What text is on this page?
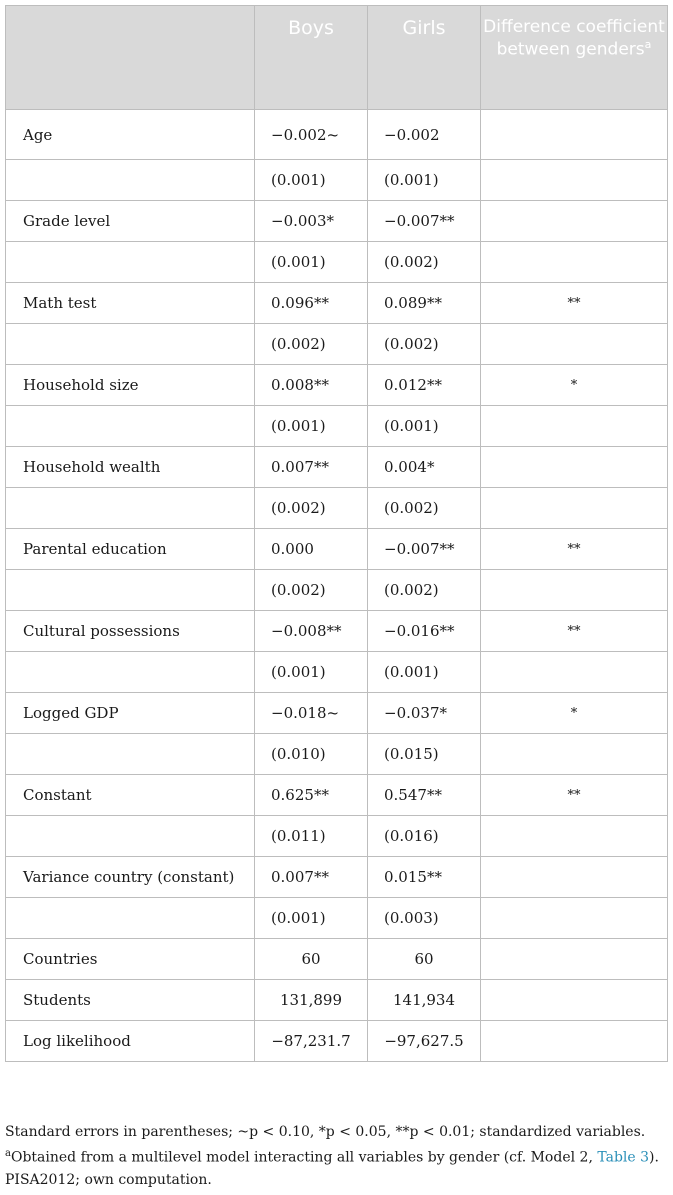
	Boys	Girls	Difference coefficient between genders$^a$
Age	−0.002~	−0.002	
	(0.001)	(0.001)	
Grade level	−0.003*	−0.007**	
	(0.001)	(0.002)	
Math test	0.096**	0.089**	**
	(0.002)	(0.002)	
Household size	0.008**	0.012**	*
	(0.001)	(0.001)	
Household wealth	0.007**	0.004*	
	(0.002)	(0.002)	
Parental education	0.000	−0.007**	**
	(0.002)	(0.002)	
Cultural possessions	−0.008**	−0.016**	**
	(0.001)	(0.001)	
Logged GDP	−0.018~	−0.037*	*
	(0.010)	(0.015)	
Constant	0.625**	0.547**	**
	(0.011)	(0.016)	
Variance country (constant)	0.007**	0.015**	
	(0.001)	(0.003)	
Countries	60	60	
Students	131,899	141,934	
Log likelihood	−87,231.7	−97,627.5	

Standard errors in parentheses; ~p < 0.10, *p < 0.05, **p < 0.01; standardized variables.

$^a$Obtained from a multilevel model interacting all variables by gender (cf. Model 2, Table 3).

PISA2012; own computation.
